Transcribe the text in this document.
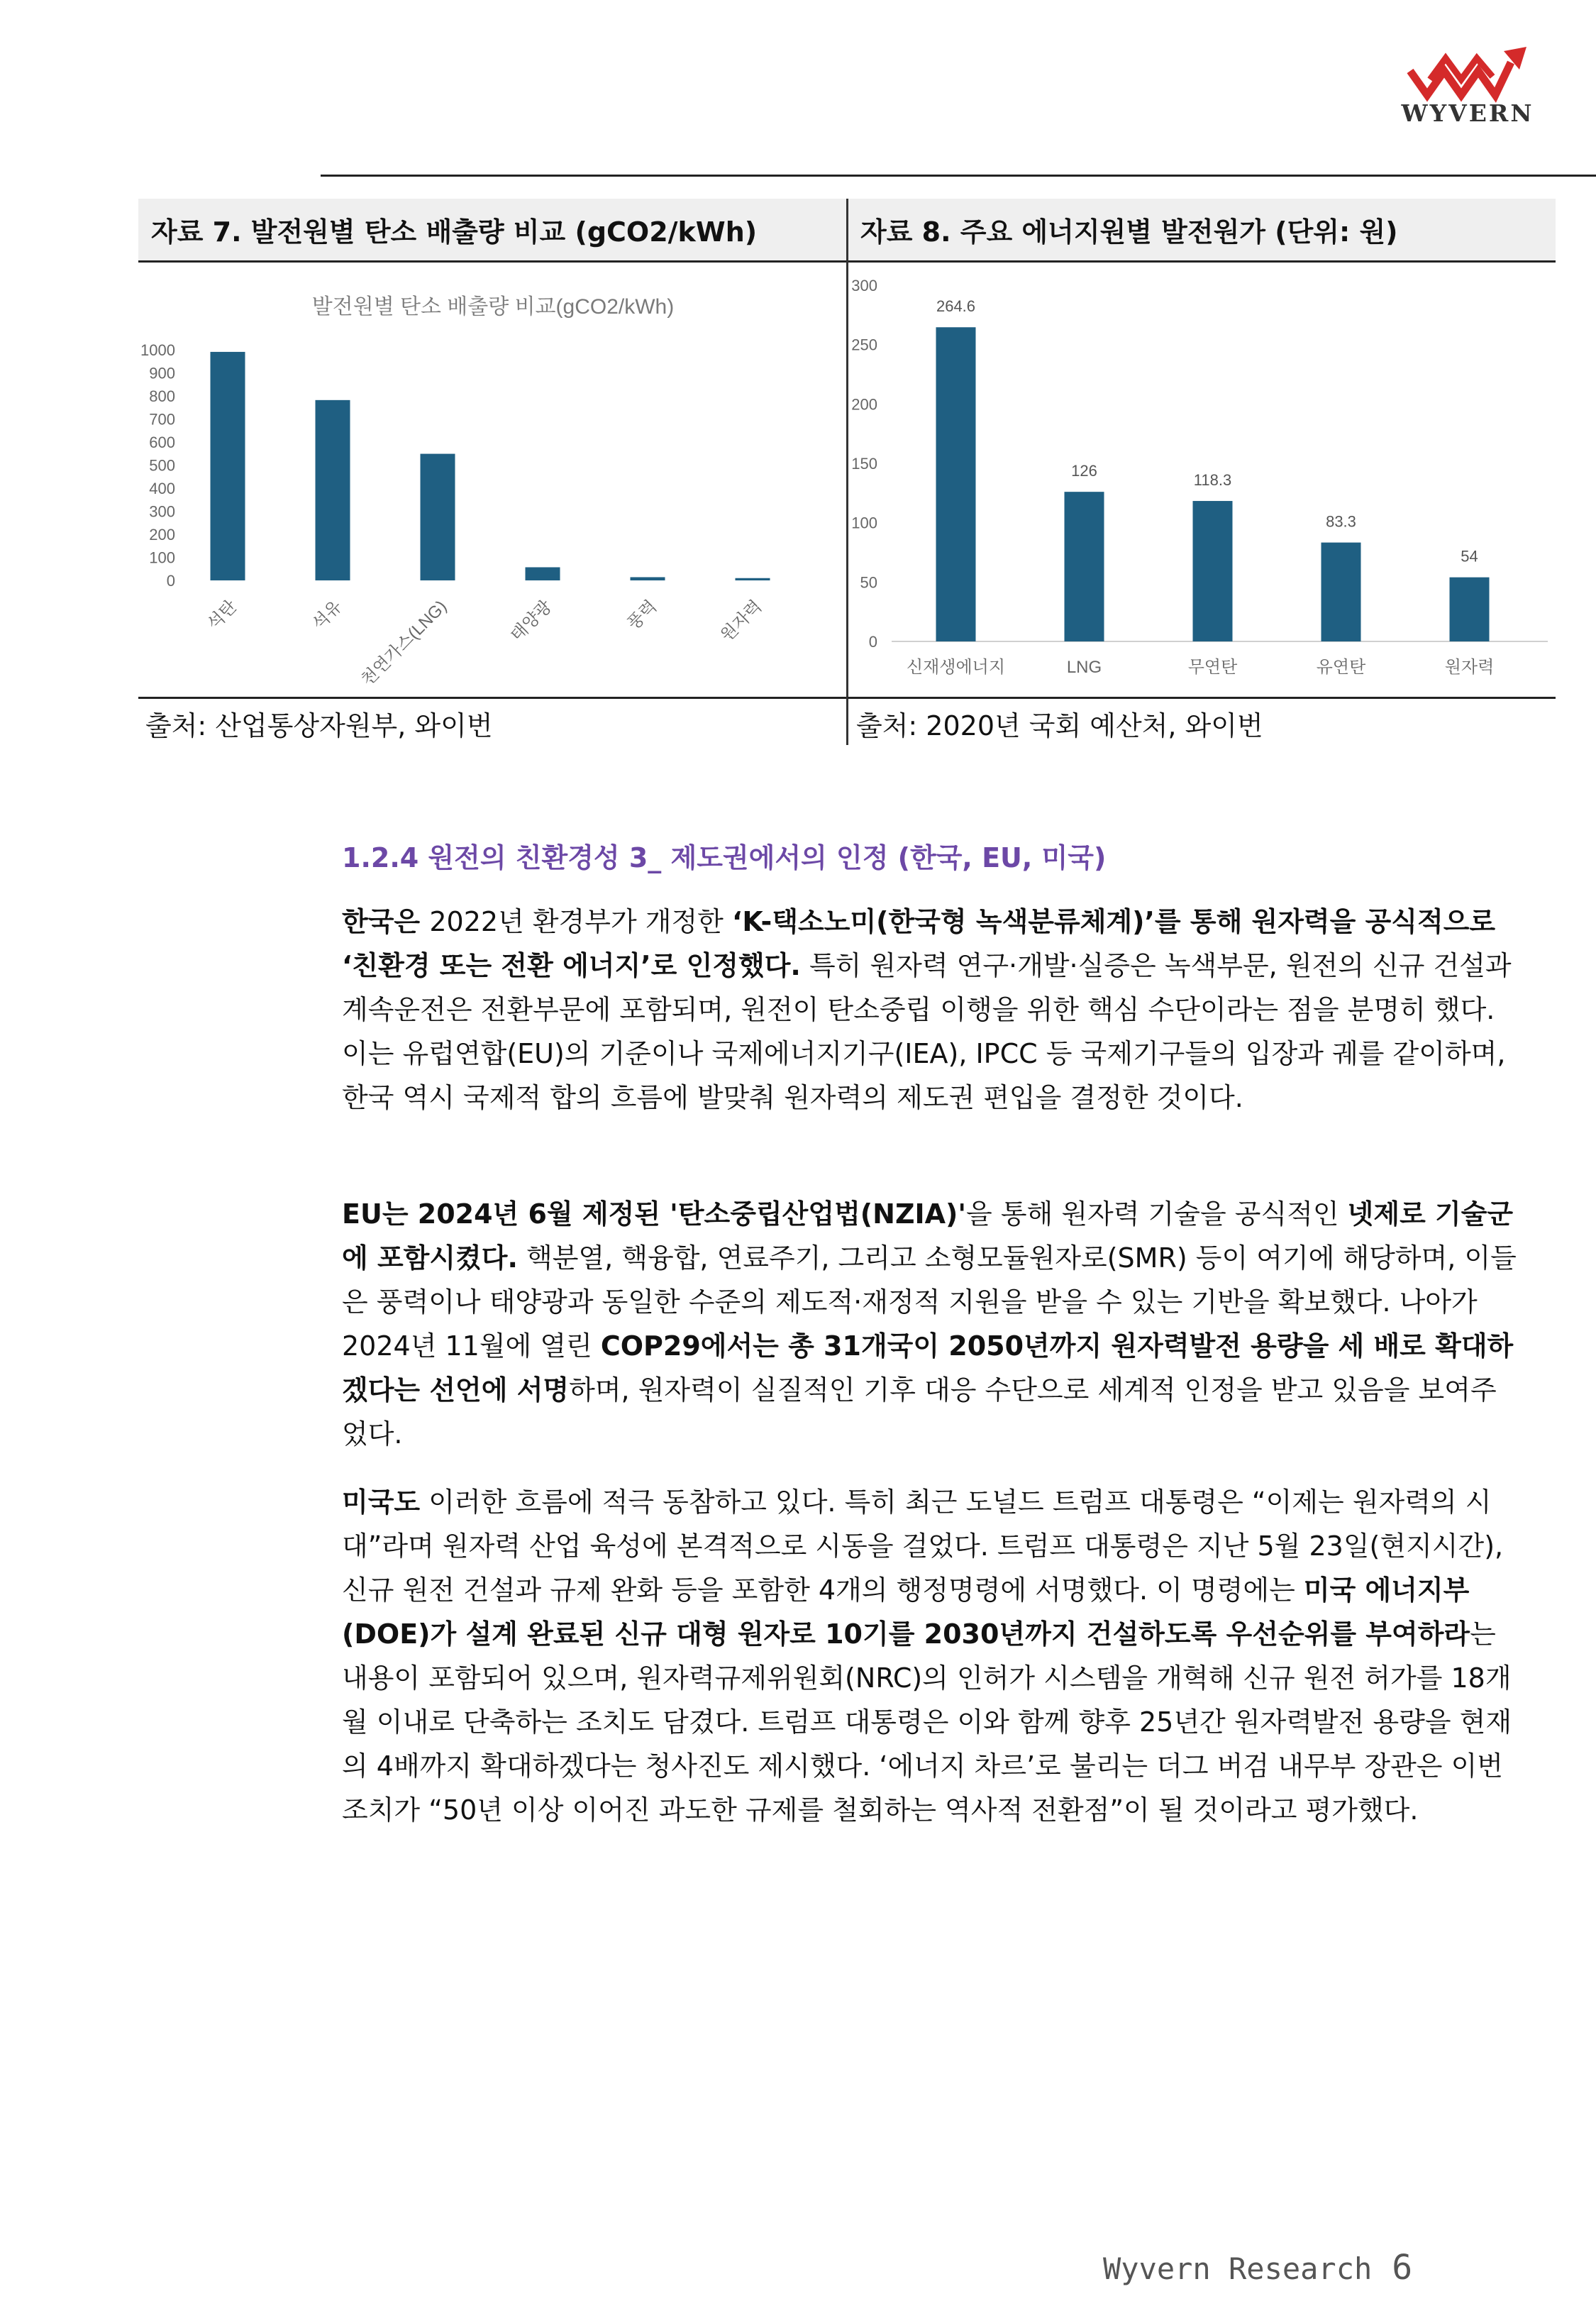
WYVERN
자료 7. 발전원별 탄소 배출량 비교 (gCO2/kWh)	자료 8. 주요 에너지원별 발전원가 (단위: 원)
발전원별 탄소 배출량 비교(gCO2/kWh)
1000
900
800
700
600
500
400
300
200
100
0
석탄	석유 천연가스(LNG)	태양광	풍력	원자력
300
250
200
150
100
50
0
264.6
126
118.3
83.3
54
신재생에너지	LNG	무연탄	유연탄	원자력
출처: 산업통상자원부, 와이번	출처: 2020년 국회 예산처, 와이번
1.2.4 원전의 친환경성 3_ 제도권에서의 인정 (한국, EU, 미국)
한국은 2022년 환경부가 개정한 ‘K-택소노미(한국형 녹색분류체계)’를 통해 원자력을 공식적으로 ‘친환경 또는 전환 에너지’로 인정했다. 특히 원자력 연구·개발·실증은 녹색부문, 원전의 신규 건설과 계속운전은 전환부문에 포함되며, 원전이 탄소중립 이행을 위한 핵심 수단이라는 점을 분명히 했다. 이는 유럽연합(EU)의 기준이나 국제에너지기구(IEA), IPCC 등 국제기구들의 입장과 궤를 같이하며, 한국 역시 국제적 합의 흐름에 발맞춰 원자력의 제도권 편입을 결정한 것이다.
EU는 2024년 6월 제정된 '탄소중립산업법(NZIA)'을 통해 원자력 기술을 공식적인 넷제로 기술군에 포함시켰다. 핵분열, 핵융합, 연료주기, 그리고 소형모듈원자로(SMR) 등이 여기에 해당하며, 이들은 풍력이나 태양광과 동일한 수준의 제도적·재정적 지원을 받을 수 있는 기반을 확보했다. 나아가 2024년 11월에 열린 COP29에서는 총 31개국이 2050년까지 원자력발전 용량을 세 배로 확대하겠다는 선언에 서명하며, 원자력이 실질적인 기후 대응 수단으로 세계적 인정을 받고 있음을 보여주었다.
미국도 이러한 흐름에 적극 동참하고 있다. 특히 최근 도널드 트럼프 대통령은 “이제는 원자력의 시대”라며 원자력 산업 육성에 본격적으로 시동을 걸었다. 트럼프 대통령은 지난 5월 23일(현지시간), 신규 원전 건설과 규제 완화 등을 포함한 4개의 행정명령에 서명했다. 이 명령에는 미국 에너지부(DOE)가 설계 완료된 신규 대형 원자로 10기를 2030년까지 건설하도록 우선순위를 부여하라는 내용이 포함되어 있으며, 원자력규제위원회(NRC)의 인허가 시스템을 개혁해 신규 원전 허가를 18개월 이내로 단축하는 조치도 담겼다. 트럼프 대통령은 이와 함께 향후 25년간 원자력발전 용량을 현재의 4배까지 확대하겠다는 청사진도 제시했다. ‘에너지 차르’로 불리는 더그 버검 내무부 장관은 이번 조치가 “50년 이상 이어진 과도한 규제를 철회하는 역사적 전환점”이 될 것이라고 평가했다.
Wyvern Research 6
